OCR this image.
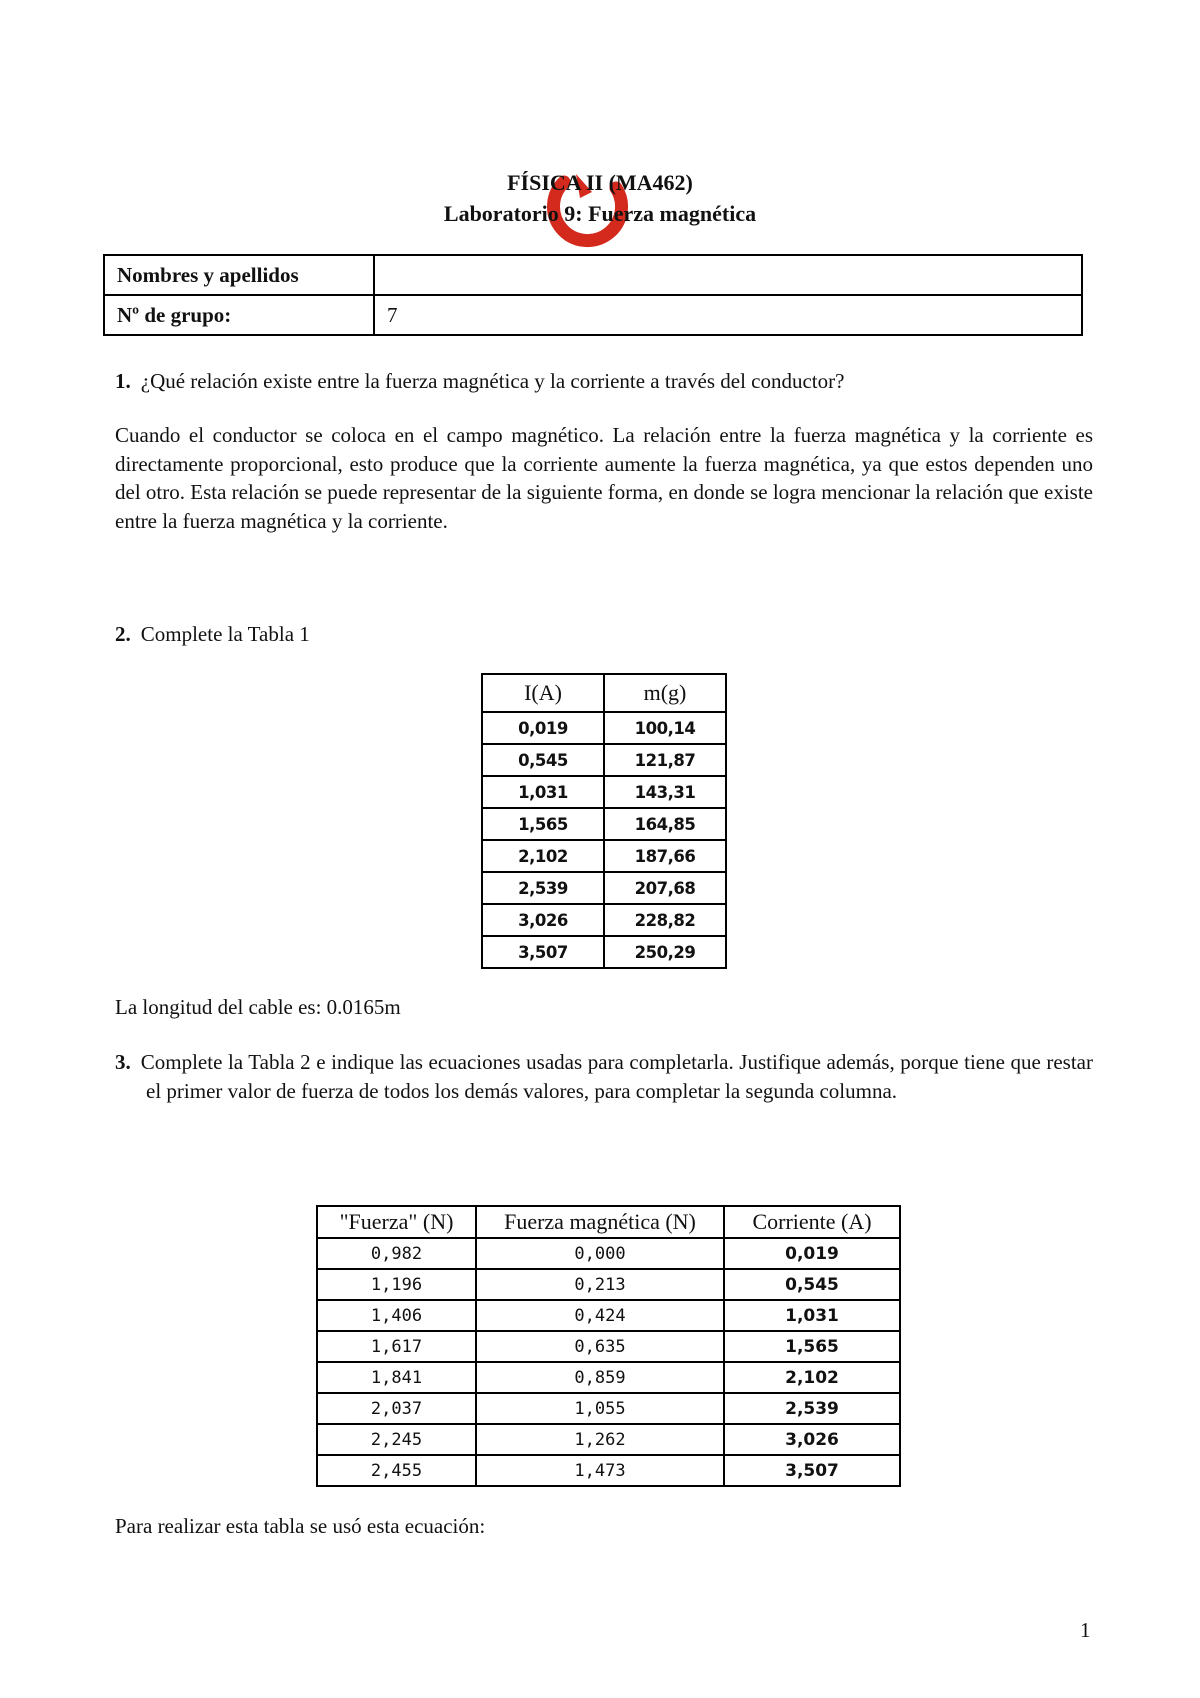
FÍSICA II (MA462)
Laboratorio 9: Fuerza magnética
Nombres y apellidos	
Nº de grupo:	7
1. ¿Qué relación existe entre la fuerza magnética y la corriente a través del conductor?
Cuando el conductor se coloca en el campo magnético. La relación entre la fuerza magnética y la corriente es directamente proporcional, esto produce que la corriente aumente la fuerza magnética, ya que estos dependen uno del otro. Esta relación se puede representar de la siguiente forma, en donde se logra mencionar la relación que existe entre la fuerza magnética y la corriente.
2. Complete la Tabla 1
I(A)	m(g)
0,019	100,14
0,545	121,87
1,031	143,31
1,565	164,85
2,102	187,66
2,539	207,68
3,026	228,82
3,507	250,29
La longitud del cable es: 0.0165m
3. Complete la Tabla 2 e indique las ecuaciones usadas para completarla. Justifique además, porque tiene que restar el primer valor de fuerza de todos los demás valores, para completar la segunda columna.
"Fuerza" (N)	Fuerza magnética (N)	Corriente (A)
0,982	0,000	0,019
1,196	0,213	0,545
1,406	0,424	1,031
1,617	0,635	1,565
1,841	0,859	2,102
2,037	1,055	2,539
2,245	1,262	3,026
2,455	1,473	3,507
Para realizar esta tabla se usó esta ecuación:
1
